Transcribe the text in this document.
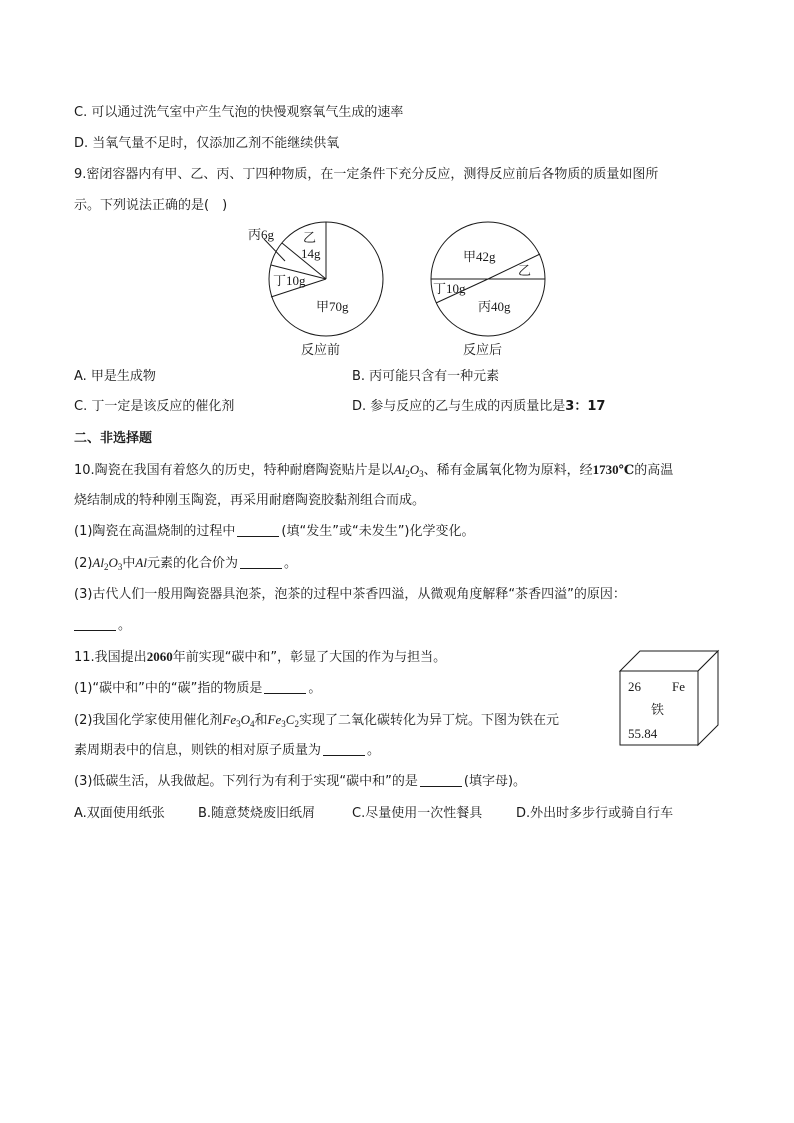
C. 可以通过洗气室中产生气泡的快慢观察氧气生成的速率
D. 当氧气量不足时，仅添加乙剂不能继续供氧
9.密闭容器内有甲、乙、丙、丁四种物质，在一定条件下充分反应，测得反应前后各物质的质量如图所
示。下列说法正确的是(　)
丙6g 乙
14g
丁10g
甲70g
反应前
甲42g
乙
丁10g
丙40g
反应后
A. 甲是生成物	B. 丙可能只含有一种元素
C. 丁一定是该反应的催化剂	D. 参与反应的乙与生成的丙质量比是3：17
二、非选择题
10.陶瓷在我国有着悠久的历史，特种耐磨陶瓷贴片是以$Al_2O_3$、稀有金属氧化物为原料，经1730℃的高温
烧结制成的特种刚玉陶瓷，再采用耐磨陶瓷胶黏剂组合而成。
(1)陶瓷在高温烧制的过程中	(填“发生”或“未发生”)化学变化。
$(2)Al_2O_3$中Al元素的化合价为	。
(3)古代人们一般用陶瓷器具泡茶，泡茶的过程中茶香四溢，从微观角度解释“茶香四溢”的原因：
。
11.我国提出2060年前实现“碳中和”，彰显了大国的作为与担当。
(1)“碳中和”中的“碳”指的物质是	。
(2)我国化学家使用催化剂$Fe_3O_4$和$Fe_3C_2$实现了二氧化碳转化为异丁烷。下图为铁在元
素周期表中的信息，则铁的相对原子质量为	。
(3)低碳生活，从我做起。下列行为有利于实现“碳中和”的是	(填字母)。
A.双面使用纸张	B.随意焚烧废旧纸屑	C.尽量使用一次性餐具	D.外出时多步行或骑自行车
26 Fe
铁
55.84
